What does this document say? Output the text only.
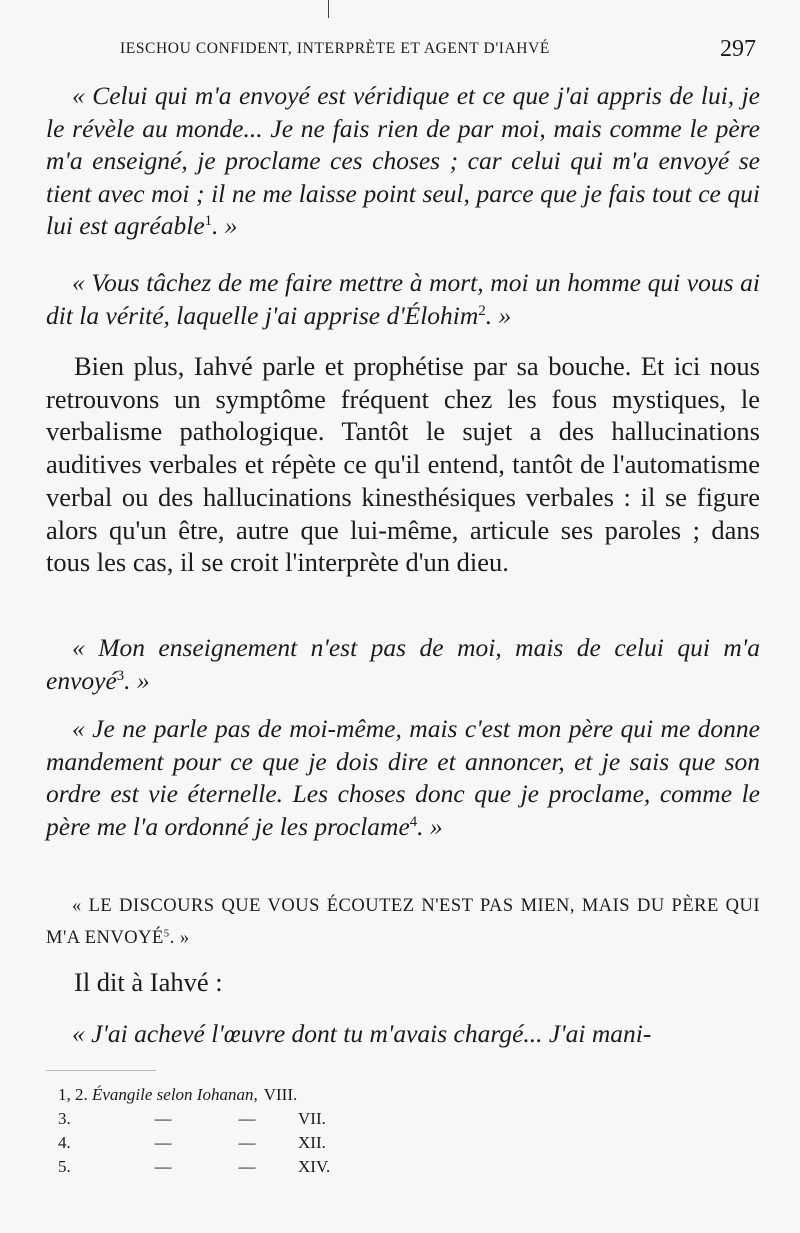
IESCHOU CONFIDENT, INTERPRÈTE ET AGENT D'IAHVÉ	297

« Celui qui m'a envoyé est véridique et ce que j'ai appris de lui, je le révèle au monde... Je ne fais rien de par moi, mais comme le père m'a enseigné, je proclame ces choses ; car celui qui m'a envoyé se tient avec moi ; il ne me laisse point seul, parce que je fais tout ce qui lui est agréable$^1$. »

« Vous tâchez de me faire mettre à mort, moi un homme qui vous ai dit la vérité, laquelle j'ai apprise d'Élohim$^2$. »

Bien plus, Iahvé parle et prophétise par sa bouche. Et ici nous retrouvons un symptôme fréquent chez les fous mystiques, le verbalisme pathologique. Tantôt le sujet a des hallucinations auditives verbales et répète ce qu'il entend, tantôt de l'automatisme verbal ou des hallucinations kinesthésiques verbales : il se figure alors qu'un être, autre que lui-même, articule ses paroles ; dans tous les cas, il se croit l'interprète d'un dieu.

« Mon enseignement n'est pas de moi, mais de celui qui m'a envoyé$^3$. »

« Je ne parle pas de moi-même, mais c'est mon père qui me donne mandement pour ce que je dois dire et annoncer, et je sais que son ordre est vie éternelle. Les choses donc que je proclame, comme le père me l'a ordonné je les proclame$^4$. »

« LE DISCOURS QUE VOUS ÉCOUTEZ N'EST PAS MIEN, MAIS DU PÈRE QUI M'A ENVOYÉ$^5$. »

Il dit à Iahvé :

« J'ai achevé l'œuvre dont tu m'avais chargé... J'ai mani-

1, 2. Évangile selon Iohanan, VIII.
3.	—	—	VII.
4.	—	—	XII.
5.	—	—	XIV.
